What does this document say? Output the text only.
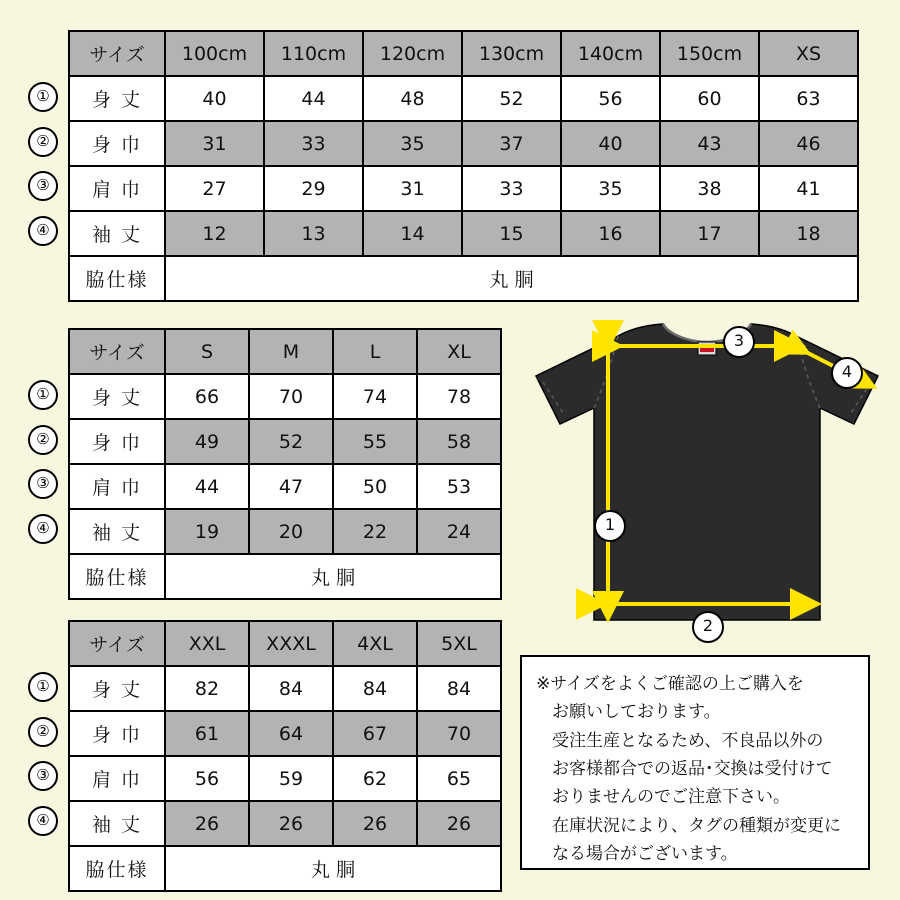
サイズ	100cm	110cm	120cm	130cm	140cm	150cm	XS
身 丈	40	44	48	52	56	60	63
身 巾	31	33	35	37	40	43	46
肩 巾	27	29	31	33	35	38	41
袖 丈	12	13	14	15	16	17	18
脇仕様	丸 胴						
①
②
③
④
サイズ	S	M	L	XL
身 丈	66	70	74	78
身 巾	49	52	55	58
肩 巾	44	47	50	53
袖 丈	19	20	22	24
脇仕様	丸 胴			
①
②
③
④
サイズ	XXL	XXXL	4XL	5XL
身 丈	82	84	84	84
身 巾	61	64	67	70
肩 巾	56	59	62	65
袖 丈	26	26	26	26
脇仕様	丸 胴			
①
②
③
④
3
4
1
2

※サイズをよくご確認の上ご購入を

お願いしております。

受注生産となるため、不良品以外の

お客様都合での返品･交換は受付けて

おりませんのでご注意下さい。

在庫状況により、タグの種類が変更に

なる場合がございます。
